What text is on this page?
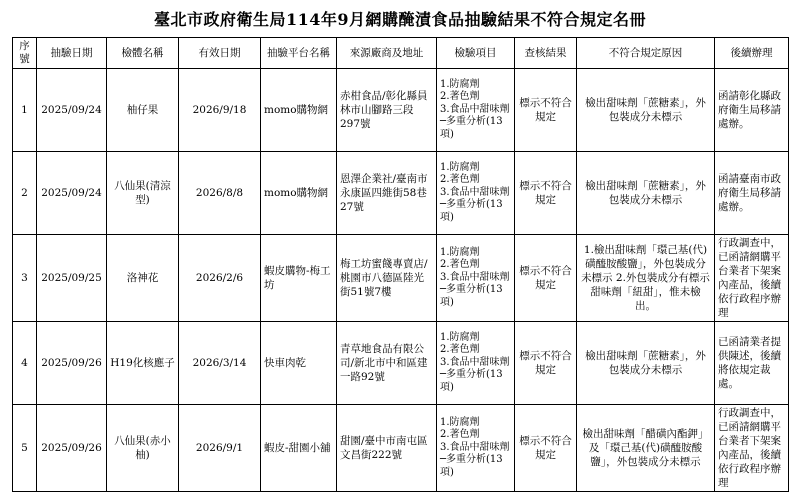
臺北市政府衛生局114年9月網購醃漬食品抽驗結果不符合規定名冊
序號	抽驗日期	檢體名稱	有效日期	抽驗平台名稱	來源廠商及地址	檢驗項目	查核結果	不符合規定原因	後續辦理
1	2025/09/24	柚仔果	2026/9/18	momo購物網	赤柑食品/彰化縣員林市山腳路三段297號	1.防腐劑
2.著色劑
3.食品中甜味劑
─多重分析(13
項)	標示不符合規定	檢出甜味劑「蔗糖素」，外包裝成分未標示	函請彰化縣政府衛生局移請處辦。
2	2025/09/24	八仙果(清涼型)	2026/8/8	momo購物網	恩澤企業社/臺南市永康區四維街58巷27號	1.防腐劑
2.著色劑
3.食品中甜味劑
─多重分析(13
項)	標示不符合規定	檢出甜味劑「蔗糖素」，外包裝成分未標示	函請臺南市政府衛生局移請處辦。
3	2025/09/25	洛神花	2026/2/6	蝦皮購物-梅工坊	梅工坊蜜餞專賣店/桃園市八德區陸光街51號7樓	1.防腐劑
2.著色劑
3.食品中甜味劑
─多重分析(13
項)	標示不符合規定	1.檢出甜味劑「環己基(代)磺醯胺酸鹽」，外包裝成分未標示 2.外包裝成分有標示甜味劑「紐甜」，惟未檢出。	行政調查中，已函請網購平台業者下架案內產品，後續依行政程序辦理
4	2025/09/26	H19化核應子	2026/3/14	快車肉乾	青草地食品有限公司/新北市中和區建一路92號	1.防腐劑
2.著色劑
3.食品中甜味劑
─多重分析(13
項)	標示不符合規定	檢出甜味劑「蔗糖素」，外包裝成分未標示	已函請業者提供陳述，後續將依規定裁處。
5	2025/09/26	八仙果(赤小柚)	2026/9/1	蝦皮-甜園小舖	甜園/臺中市南屯區文昌街222號	1.防腐劑
2.著色劑
3.食品中甜味劑
─多重分析(13
項)	標示不符合規定	檢出甜味劑「醋磺內酯鉀」及「環己基(代)磺醯胺酸鹽」，外包裝成分未標示	行政調查中，已函請網購平台業者下架案內產品，後續依行政程序辦理
